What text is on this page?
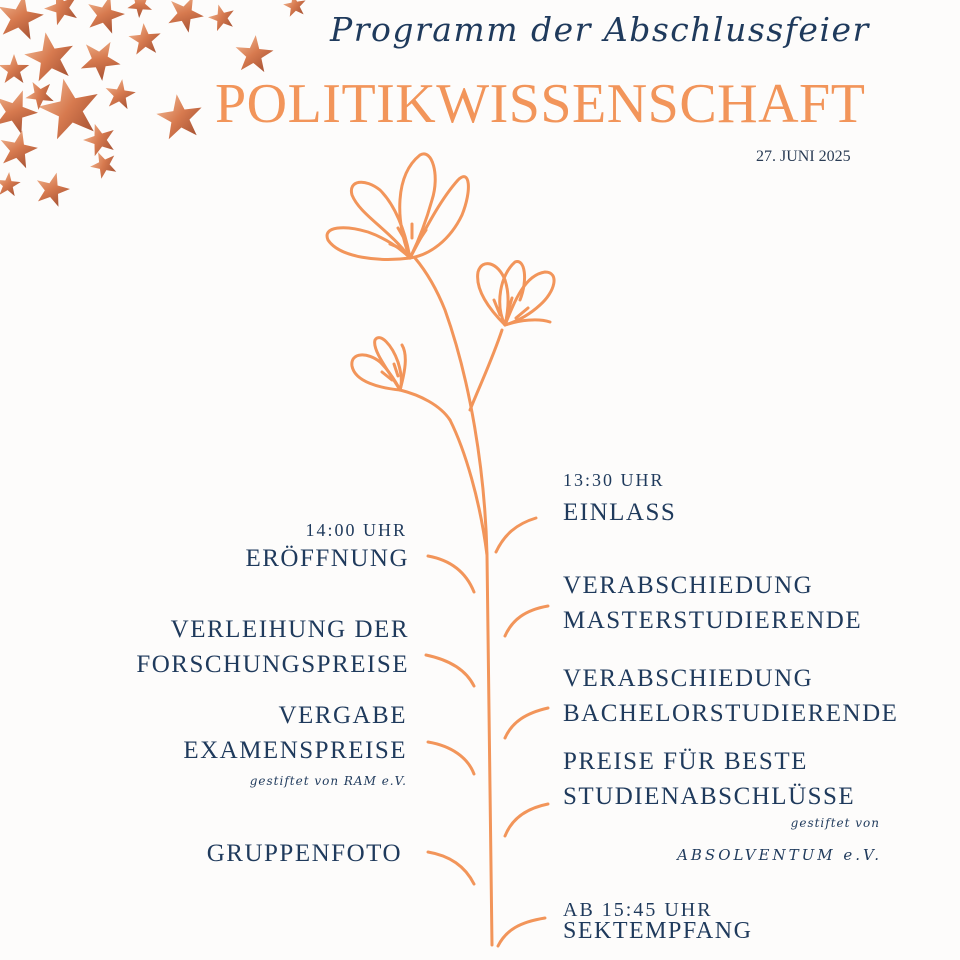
Programm der Abschlussfeier
POLITIKWISSENSCHAFT
27. JUNI 2025
14:00 UHR
ERÖFFNUNG
VERLEIHUNG DER
FORSCHUNGSPREISE
VERGABE
EXAMENSPREISE
gestiftet von RAM e.V.
GRUPPENFOTO
13:30 UHR
EINLASS
VERABSCHIEDUNG
MASTERSTUDIERENDE
VERABSCHIEDUNG
BACHELORSTUDIERENDE
PREISE FÜR BESTE
STUDIENABSCHLÜSSE
gestiftet von
ABSOLVENTUM e.V.
AB 15:45 UHR
SEKTEMPFANG
